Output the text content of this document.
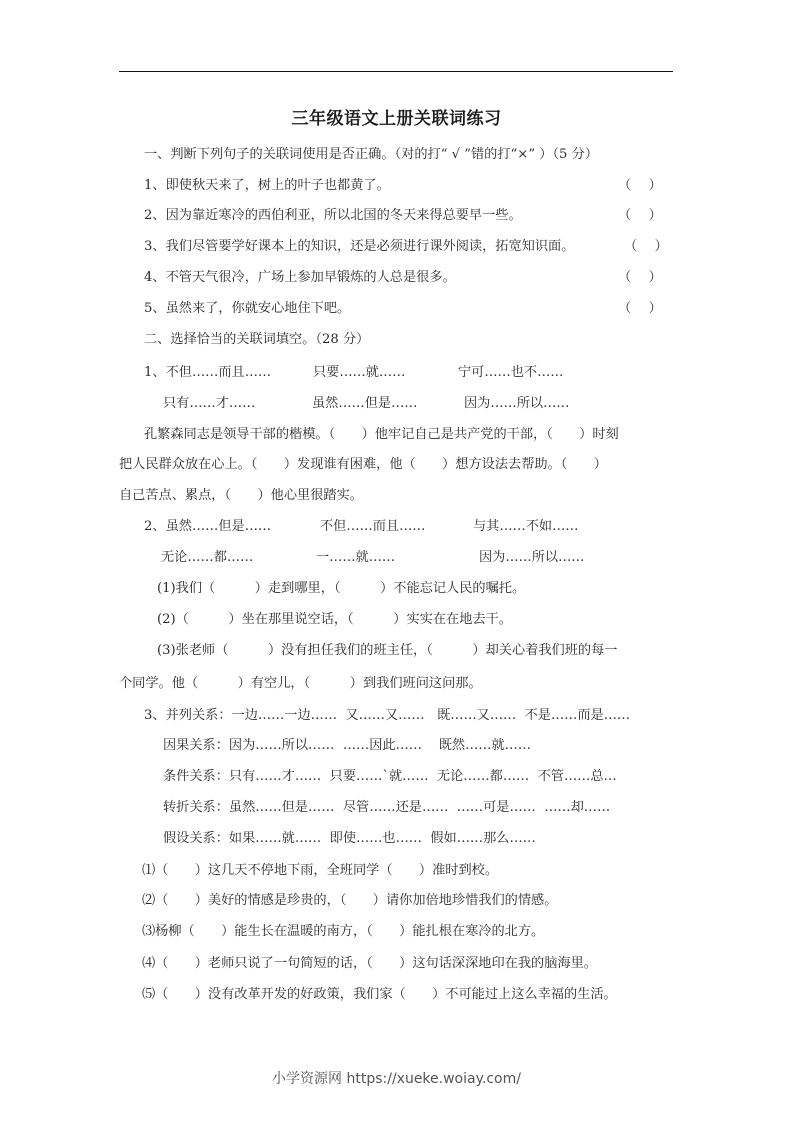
三年级语文上册关联词练习
一、判断下列句子的关联词使用是否正确。（对的打“ √ ”错的打“×” ）（5 分）
1、即使秋天来了，树上的叶子也都黄了。	（　 ）
2、因为靠近寒冷的西伯利亚，所以北国的冬天来得总要早一些。	（　 ）
3、我们尽管要学好课本上的知识，还是必须进行课外阅读，拓宽知识面。	（　 ）
4、不管天气很冷，广场上参加早锻炼的人总是很多。	（　 ）
5、虽然来了，你就安心地住下吧。	（　 ）
二、选择恰当的关联词填空。（28 分）
1、不但……而且……	只要……就……	宁可……也不……
只有……才……	虽然……但是……	因为……所以……
孔繁森同志是领导干部的楷模。（　　）他牢记自己是共产党的干部，（　　）时刻
把人民群众放在心上。（　　）发现谁有困难，他（　　）想方设法去帮助。（　　）
自己苦点、累点，（　　）他心里很踏实。
2、虽然……但是……	不但……而且……	与其……不如……
无论……都……	一……就……	因为……所以……
(1)我们（　　　）走到哪里，（　　　）不能忘记人民的嘱托。
(2)（　　　）坐在那里说空话，（　　　）实实在在地去干。
(3)张老师（　　　）没有担任我们的班主任，（　　　）却关心着我们班的每一
个同学。他（　　　）有空儿，（　　　）到我们班问这问那。
3、并列关系：一边……一边……  又……又……   既……又……  不是……而是……
因果关系：因为……所以……  ……因此……    既然……就……
条件关系：只有……才……  只要……`就……  无论……都……  不管……总…
转折关系：虽然……但是……  尽管……还是……  ……可是……  ……却……
假设关系：如果……就……  即使……也……  假如……那么……
⑴（　　）这几天不停地下雨，全班同学（　　）准时到校。
⑵（　　）美好的情感是珍贵的，（　　）请你加倍地珍惜我们的情感。
⑶杨柳（　　）能生长在温暖的南方，（　　）能扎根在寒冷的北方。
⑷（　　）老师只说了一句简短的话，（　　）这句话深深地印在我的脑海里。
⑸（　　）没有改革开发的好政策，我们家（　　）不可能过上这么幸福的生活。
小学资源网 https://xueke.woiay.com/
